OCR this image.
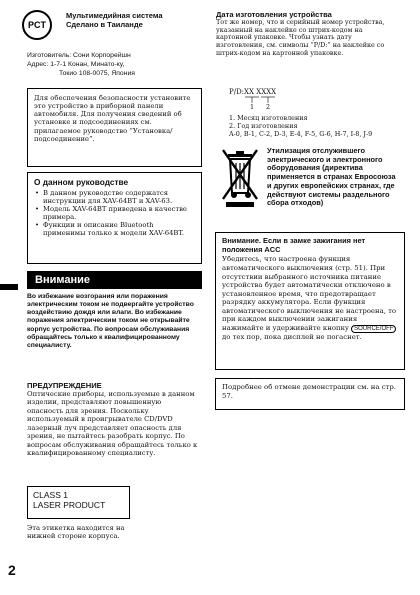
PCT
Мультимедийная система
Сделано в Таиланде
Изготовитель: Сони Корпорейшн
Адрес: 1-7-1 Конан, Минато-ку,
Токио 108-0075, Япония
Для обеспечения безопасности установите это устройство в приборной панели автомобиля. Для получения сведений об установке и подсоединениях см. прилагаемое руководство “Установка/подсоединение”.
О данном руководстве
• В данном руководстве содержатся инструкции для XAV-64BT и XAV-63.
• Модель XAV-64BT приведена в качестве примера.
• Функции и описание Bluetooth применимы только к модели XAV-64BT.
Внимание
Во избежание возгорания или поражения электрическим током не подвергайте устройство воздействию дождя или влаги. Во избежание поражения электрическим током не открывайте корпус устройства. По вопросам обслуживания обращайтесь только к квалифицированному специалисту.
ПРЕДУПРЕЖДЕНИЕ
Оптические приборы, используемые в данном изделии, представляют повышенную опасность для зрения. Поскольку используемый в проигрывателе CD/DVD лазерный луч представляет опасность для зрения, не пытайтесь разобрать корпус. По вопросам обслуживания обращайтесь только к квалифицированному специалисту.
CLASS 1
LASER PRODUCT
Эта этикетка находится на нижней стороне корпуса.
2
Дата изготовления устройства
Тот же номер, что и серийный номер устройства, указанный на наклейке со штрих-кодом на картонной упаковке. Чтобы узнать дату изготовления, см. символы “P/D:” на наклейке со штрих-кодом на картонной упаковке.
P/D:XX XXXX
1 2
1. Месяц изготовления
2. Год изготовления
A-0, B-1, C-2, D-3, E-4, F-5, G-6, H-7, I-8, J-9
Утилизация отслужившего электрического и электронного оборудования (директива применяется в странах Евросоюза и других европейских странах, где действуют системы раздельного сбора отходов)
Внимание. Если в замке зажигания нет положения ACC
Убедитесь, что настроена функция автоматического выключения (стр. 51). При отсутствии выбранного источника питание устройства будет автоматически отключено в установленное время, что предотвращает разрядку аккумулятора. Если функция автоматического выключения не настроена, то при каждом выключении зажигания нажимайте и удерживайте кнопку SOURCE/OFF до тех пор, пока дисплей не погаснет.
Подробнее об отмене демонстрации см. на стр. 57.
